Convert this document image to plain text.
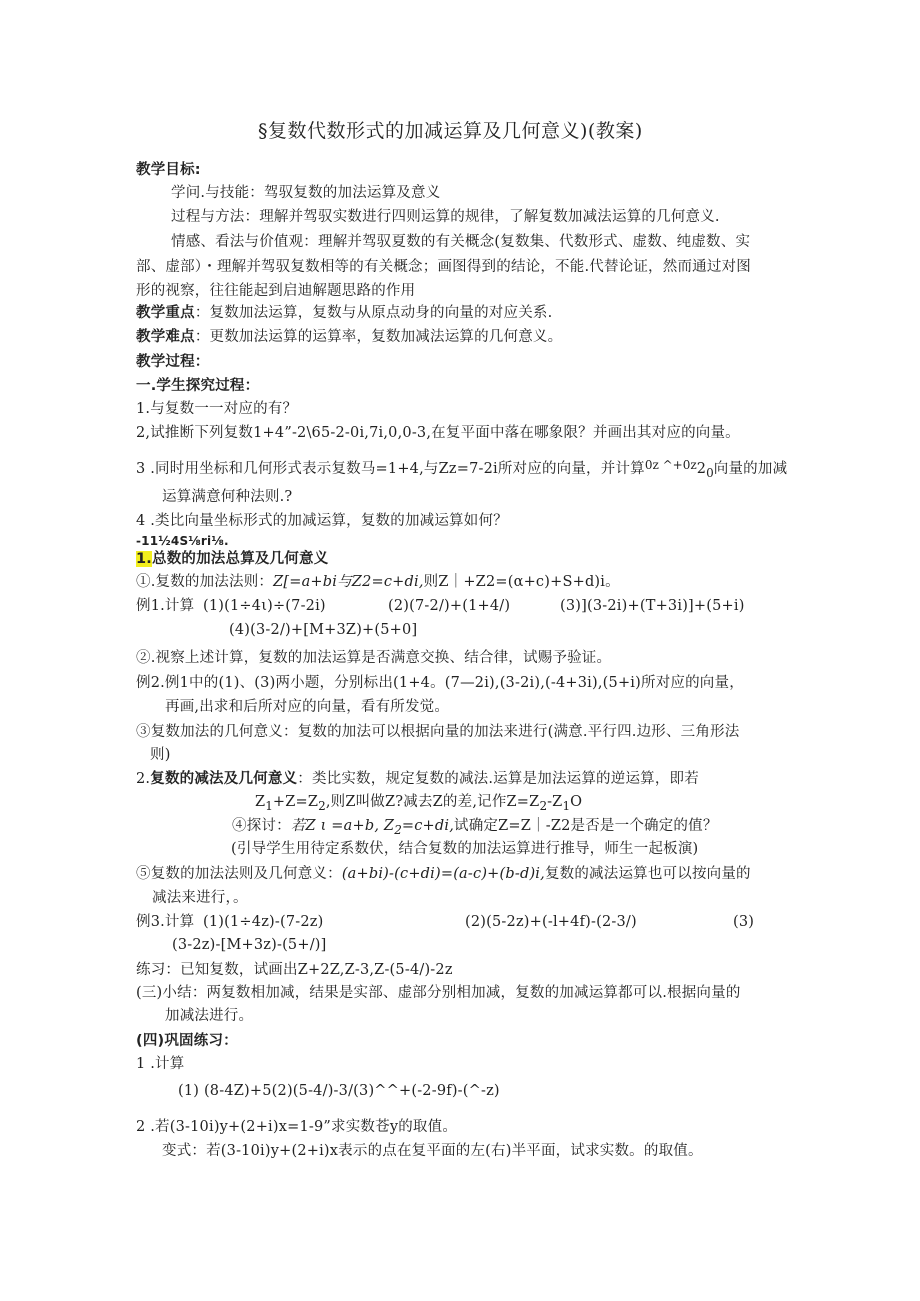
§复数代数形式的加减运算及几何意义)(教案)
教学目标:
学问.与技能：驾驭复数的加法运算及意义
过程与方法：理解并驾驭实数进行四则运算的规律，了解复数加减法运算的几何意义.
情感、看法与价值观：理解并驾驭夏数的有关概念(复数集、代数形式、虚数、纯虚数、实
部、虚部）・理解并驾驭复数相等的有关概念；画图得到的结论，不能.代替论证，然而通过对图
形的视察，往往能起到启迪解题思路的作用
教学重点：复数加法运算，复数与从原点动身的向量的对应关系.
教学难点：更数加法运算的运算率，复数加减法运算的几何意义。
教学过程：
一.学生探究过程：
1.与复数一一对应的有？
2,试推断下列复数1+4”-2\65-2-0i,7i,0,0-3,在复平面中落在哪象限？并画出其对应的向量。
3 .同时用坐标和几何形式表示复数马=1+4,与Zz=7-2i所对应的向量，并计算$^{0z \^{}+0z}2_0$向量的加减
运算满意何种法则.?
4 .类比向量坐标形式的加减运算，复数的加减运算如何？
-11½4S⅛ri⅛.
1.总数的加法总算及几何意义
①.复数的加法法则：Z[=a+bi与Z2=c+di,则Z｜+Z2=(α+c)+S+d)i。
例1.计算 (1)(1÷4ι)÷(7-2i)	(2)(7-2/)+(1+4/)	(3)](3-2i)+(T+3i)]+(5+i)
(4)(3-2/)+[M+3Z)+(5+0]
②.视察上述计算，复数的加法运算是否满意交换、结合律，试赐予验证。
例2.例1中的(1)、(3)两小题，分别标出(1+4。(7—2i),(3-2i),(-4+3i),(5+i)所对应的向量，
再画,出求和后所对应的向量，看有所发觉。
③复数加法的几何意义：复数的加法可以根据向量的加法来进行(满意.平行四.边形、三角形法
则)
2.复数的减法及几何意义：类比实数，规定复数的减法.运算是加法运算的逆运算，即若
$Z_1+Z=Z_2$,则Z叫做Z?减去Z的差,记作$Z=Z_2-Z_1O$
④探讨：若Z ι =a+b, $Z_2=c+di$,试确定Z=Z｜-Z2是否是一个确定的值？
(引导学生用待定系数伏，结合复数的加法运算进行推导，师生一起板演)
⑤复数的加法法则及几何意义：(a+bi)-(c+di)=(a-c)+(b-d)i,复数的减法运算也可以按向量的
减法来进行，。
例3.计算 (1)(1÷4z)-(7-2z)	(2)(5-2z)+(-l+4f)-(2-3/)	(3)
(3-2z)-[M+3z)-(5+/)]
练习：已知复数，试画出Z+2Z,Z-3,Z-(5-4/)-2z
(三)小结：两复数相加减，结果是实部、虚部分别相加减，复数的加减运算都可以.根据向量的
加减法进行。
(四)巩固练习：
1 .计算
(1) (8-4Z)+5(2)(5-4/)-3/(3)^^+(-2-9f)-(^-z)
2 .若(3-10i)y+(2+i)x=1-9”求实数苍y的取值。
变式：若(3-10i)y+(2+i)x表示的点在复平面的左(右)半平面，试求实数。的取值。
